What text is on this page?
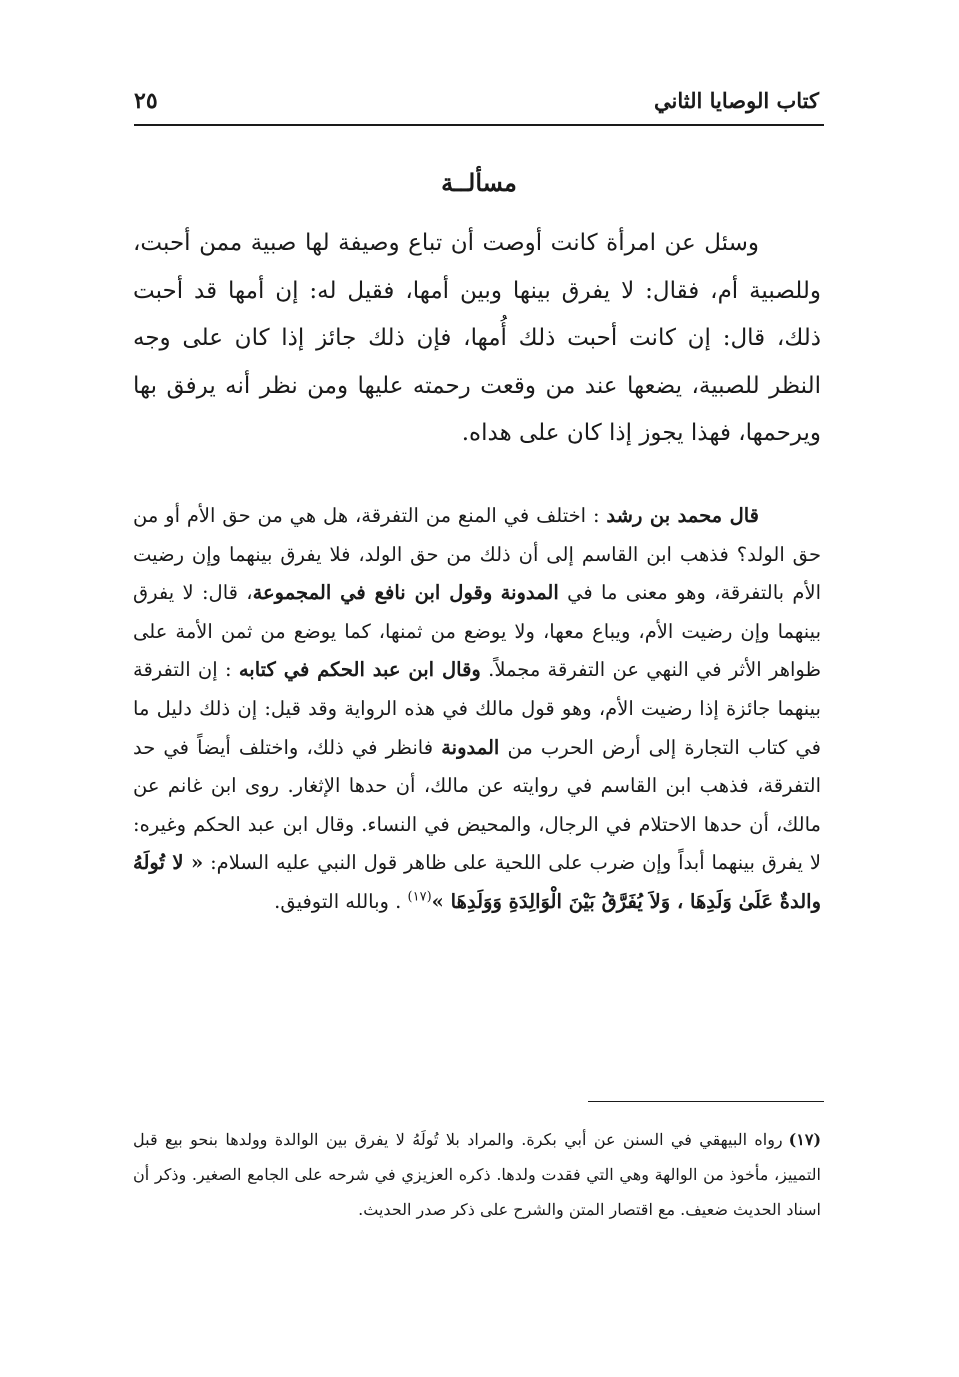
كتاب الوصايا الثاني
٢٥
مسألــة

وسئل عن امرأة كانت أوصت أن تباع وصيفة لها صبية ممن أحبت، وللصبية أم، فقال: لا يفرق بينها وبين أمها، فقيل له: إن أمها قد أحبت ذلك، قال: إن كانت أحبت ذلك أُمها، فإن ذلك جائز إذا كان على وجه النظر للصبية، يضعها عند من وقعت رحمته عليها ومن نظر أنه يرفق بها ويرحمها، فهذا يجوز إذا كان على هداه.

قال محمد بن رشد : اختلف في المنع من التفرقة، هل هي من حق الأم أو من حق الولد؟ فذهب ابن القاسم إلى أن ذلك من حق الولد، فلا يفرق بينهما وإن رضيت الأم بالتفرقة، وهو معنى ما في المدونة وقول ابن نافع في المجموعة، قال: لا يفرق بينهما وإن رضيت الأم، ويباع معها، ولا يوضع من ثمنها، كما يوضع من ثمن الأمة على ظواهر الأثر في النهي عن التفرقة مجملاً. وقال ابن عبد الحكم في كتابه : إن التفرقة بينهما جائزة إذا رضيت الأم، وهو قول مالك في هذه الرواية وقد قيل: إن ذلك دليل ما في كتاب التجارة إلى أرض الحرب من المدونة فانظر في ذلك، واختلف أيضاً في حد التفرقة، فذهب ابن القاسم في روايته عن مالك، أن حدها الإثغار. روى ابن غانم عن مالك، أن حدها الاحتلام في الرجال، والمحيض في النساء. وقال ابن عبد الحكم وغيره: لا يفرق بينهما أبداً وإن ضرب على اللحية على ظاهر قول النبي عليه السلام: « لا تُولَهُ والدةٌ عَلَىٰ وَلَدِهَا ، وَلاَ يُفَرَّقُ بَيْنَ الْوَالِدَةِ وَوَلَدِهَا »$^{(١٧)}$ . وبالله التوفيق.

(١٧)رواه البيهقي في السنن عن أبي بكرة. والمراد بلا تُولَهُ لا يفرق بين الوالدة وولدها بنحو بيع قبل التمييز، مأخوذ من الوالهة وهي التي فقدت ولدها. ذكره العزيزي في شرحه على الجامع الصغير. وذكر أن اسناد الحديث ضعيف. مع اقتصار المتن والشرح على ذكر صدر الحديث.
